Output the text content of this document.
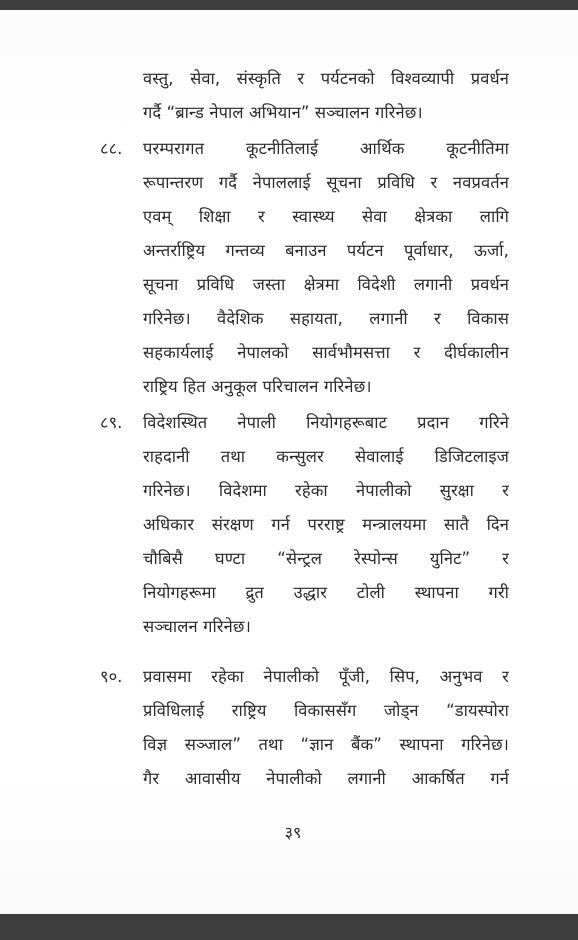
वस्तु, सेवा, संस्कृति र पर्यटनको विश्वव्यापी प्रवर्धन
गर्दै “ब्रान्ड नेपाल अभियान” सञ्चालन गरिनेछ।
८८.	परम्परागत कूटनीतिलाई आर्थिक कूटनीतिमा
रूपान्तरण गर्दै नेपाललाई सूचना प्रविधि र नवप्रवर्तन
एवम् शिक्षा र स्वास्थ्य सेवा क्षेत्रका लागि
अन्तर्राष्ट्रिय गन्तव्य बनाउन पर्यटन पूर्वाधार, ऊर्जा,
सूचना प्रविधि जस्ता क्षेत्रमा विदेशी लगानी प्रवर्धन
गरिनेछ। वैदेशिक सहायता, लगानी र विकास
सहकार्यलाई नेपालको सार्वभौमसत्ता र दीर्घकालीन
राष्ट्रिय हित अनुकूल परिचालन गरिनेछ।
८९.	विदेशस्थित नेपाली नियोगहरूबाट प्रदान गरिने
राहदानी तथा कन्सुलर सेवालाई डिजिटलाइज
गरिनेछ। विदेशमा रहेका नेपालीको सुरक्षा र
अधिकार संरक्षण गर्न परराष्ट्र मन्त्रालयमा सातै दिन
चौबिसै घण्टा “सेन्ट्रल रेस्पोन्स युनिट” र
नियोगहरूमा द्रुत उद्धार टोली स्थापना गरी
सञ्चालन गरिनेछ।
९०.	प्रवासमा रहेका नेपालीको पूँजी, सिप, अनुभव र
प्रविधिलाई राष्ट्रिय विकाससँग जोड्न “डायस्पोरा
विज्ञ सञ्जाल” तथा “ज्ञान बैंक” स्थापना गरिनेछ।
गैर आवासीय नेपालीको लगानी आकर्षित गर्न
३९
